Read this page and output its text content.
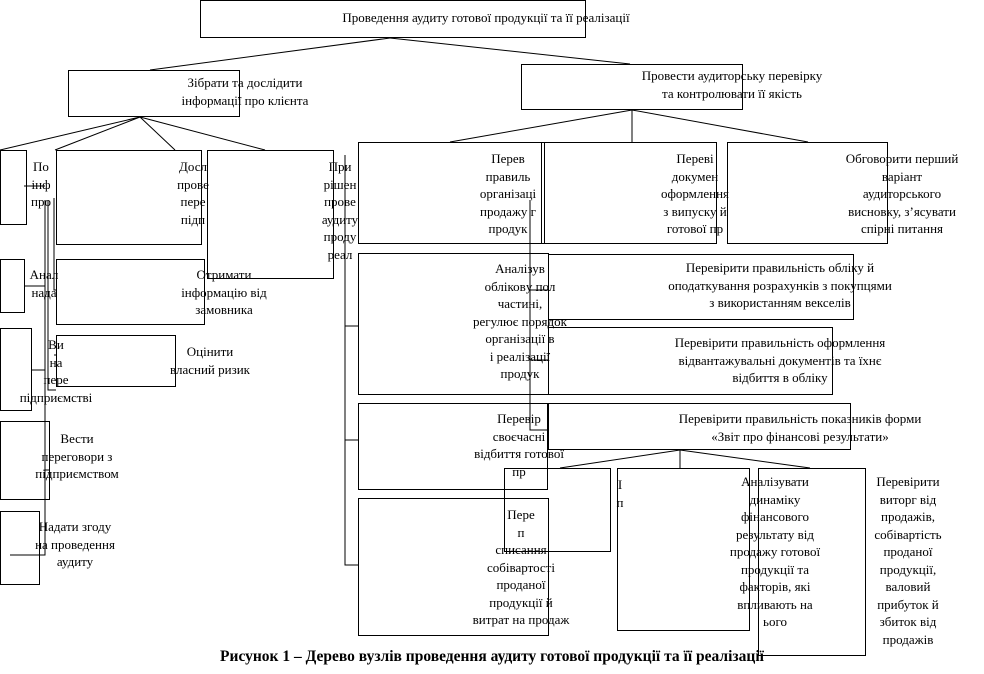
Проведення аудиту готової продукції та її реалізації
Зібрати та дослідити
інформації про клієнта
Провести аудиторську перевірку
та контролювати її якість
По
інф
про
Анал
нада
Ви
на
пере
підприємстві
Вести
переговори з
підприємством
Надати згоду
на проведення
аудиту
Досл
прове
пере
підп
Отримати
інформацію від
замовника
Оцінити
власний ризик
При
рішен
прове
аудиту
проду
реал
Перев
правиль
організаці
продажу г
продук
Переві
докумен
оформлення
з випуску й
готової пр
Обговорити перший
варіант
аудиторського
висновку, з’ясувати
спірні питання
Аналізув
обліковy пол
частині,
регулює порядок
організації в
і реалізації
продук
Перевір
своєчасні
відбиття готової
пр
Пере
п
списання
собівартості
проданої
продукції й
витрат на продаж
Перевірити правильність обліку й
оподаткування розрахунків з покупцями
з використанням векселів
Перевірити правильність оформлення
відвантажувальні документів та їхнє
відбиття в обліку
Перевірити правильність показників форми
«Звіт про фінансові результати»
І
п
Аналізувати
динаміку
фінансового
результату від
продажу готової
продукції та
факторів, які
впливають на
ього
Перевірити
виторг від
продажів,
собівартість
проданої
продукції,
валовий
прибуток й
збиток від
продажів
Рисунок 1 – Дерево вузлів проведення аудиту готової продукції та її реалізації
